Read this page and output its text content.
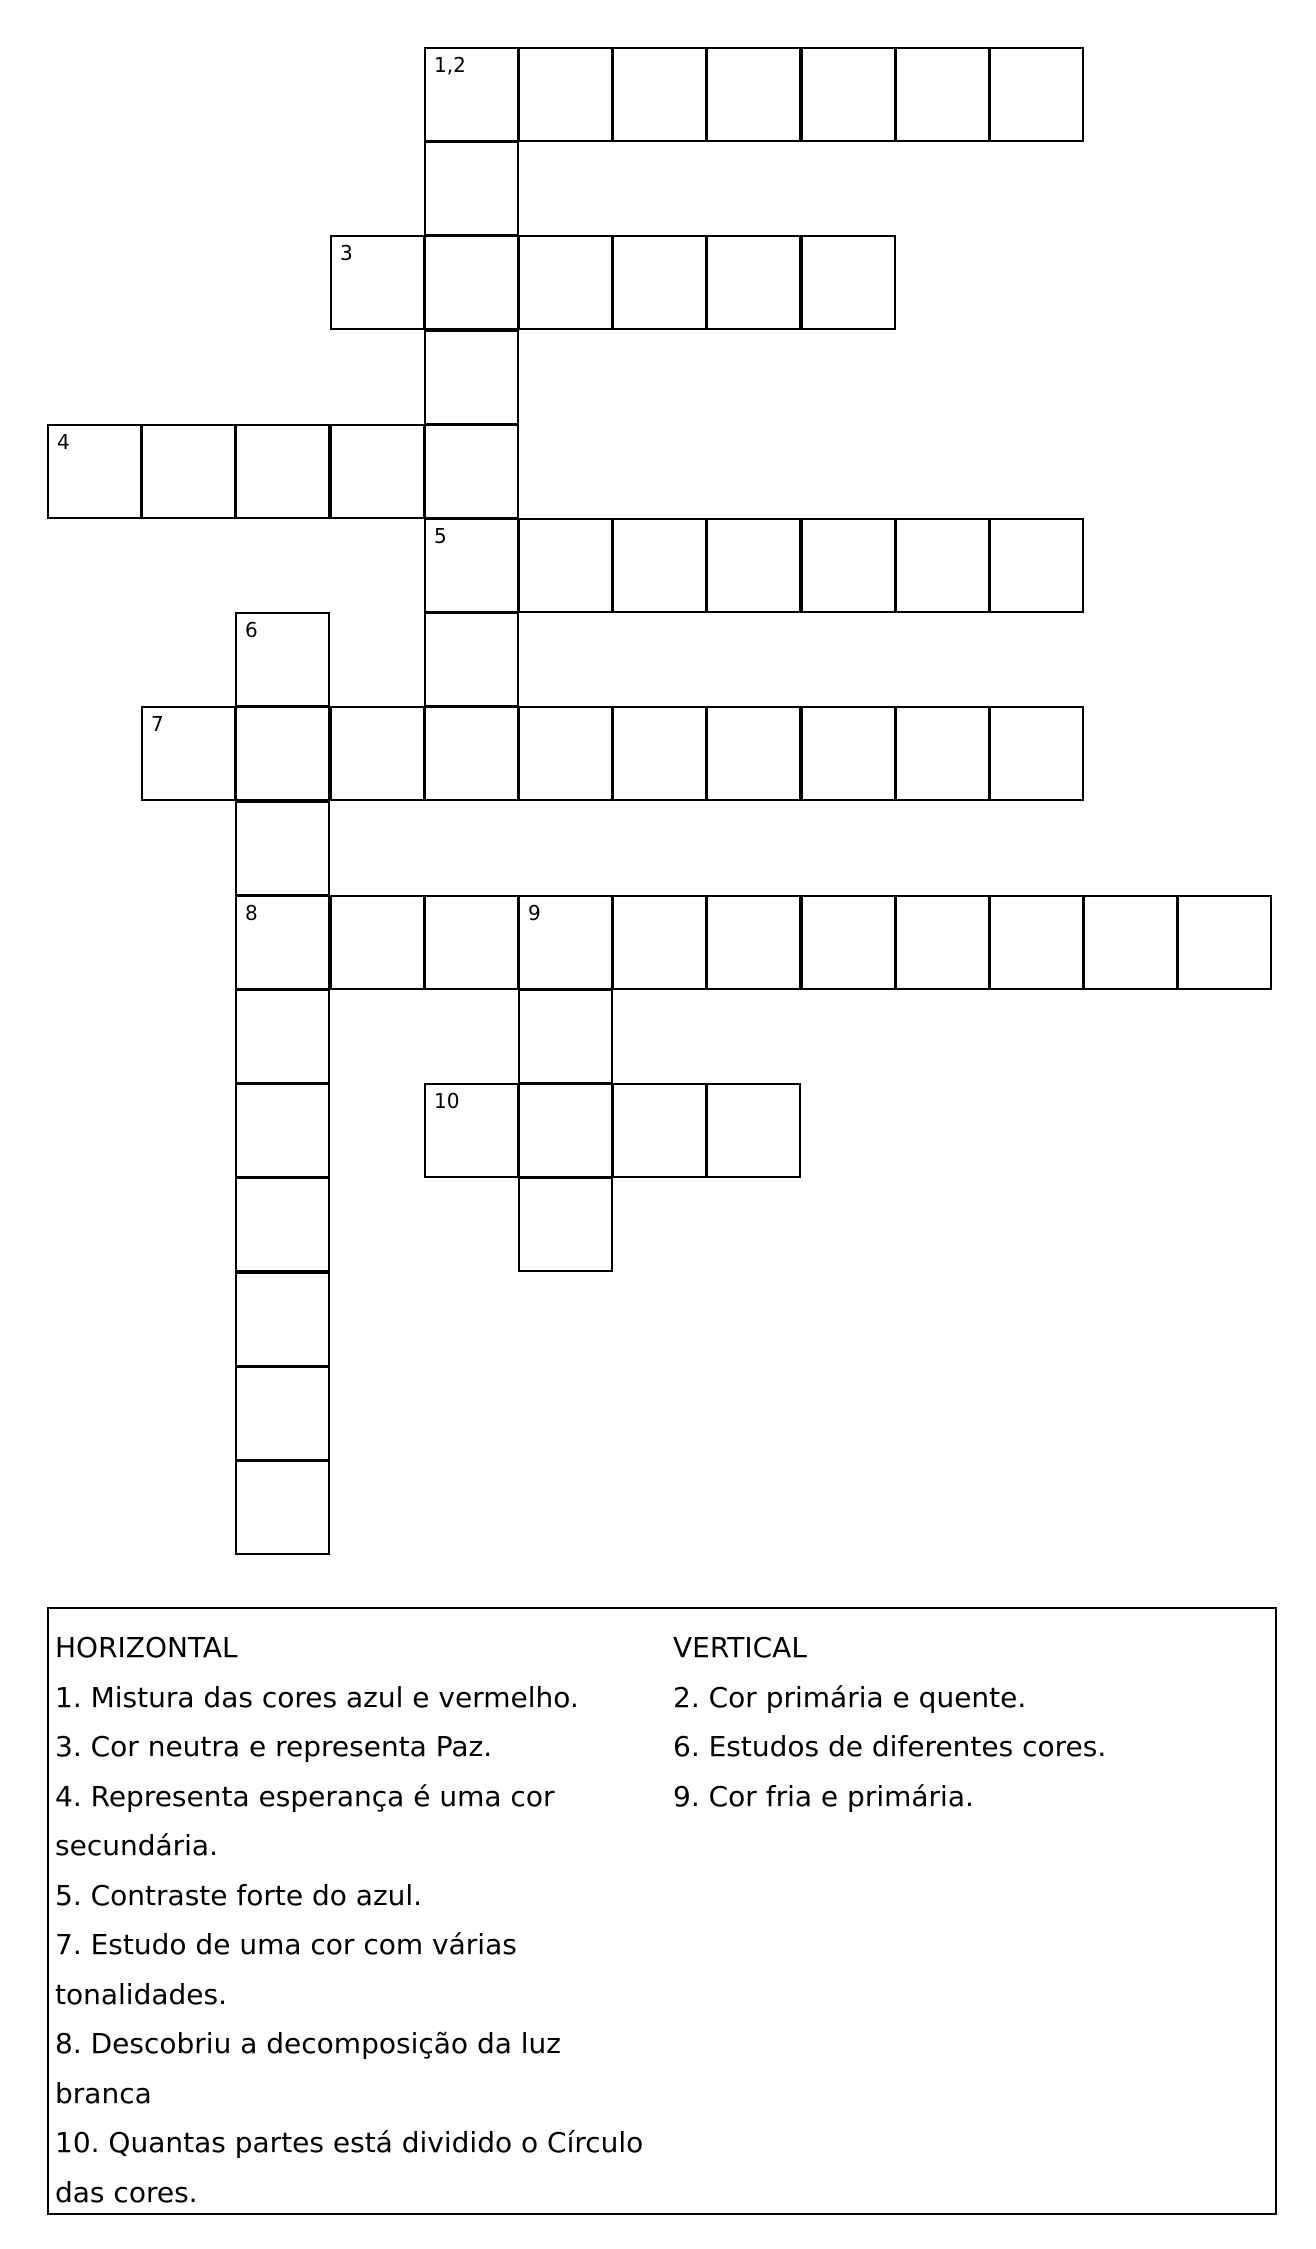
1,2
3
4
5
6
7
8	9
10

HORIZONTAL

1. Mistura das cores azul e vermelho.

3. Cor neutra e representa Paz.

4. Representa esperança é uma cor

secundária.

5. Contraste forte do azul.

7. Estudo de uma cor com várias

tonalidades.

8. Descobriu a decomposição da luz branca

10. Quantas partes está dividido o Círculo

das cores.

VERTICAL

2. Cor primária e quente.

6. Estudos de diferentes cores.

9. Cor fria e primária.
